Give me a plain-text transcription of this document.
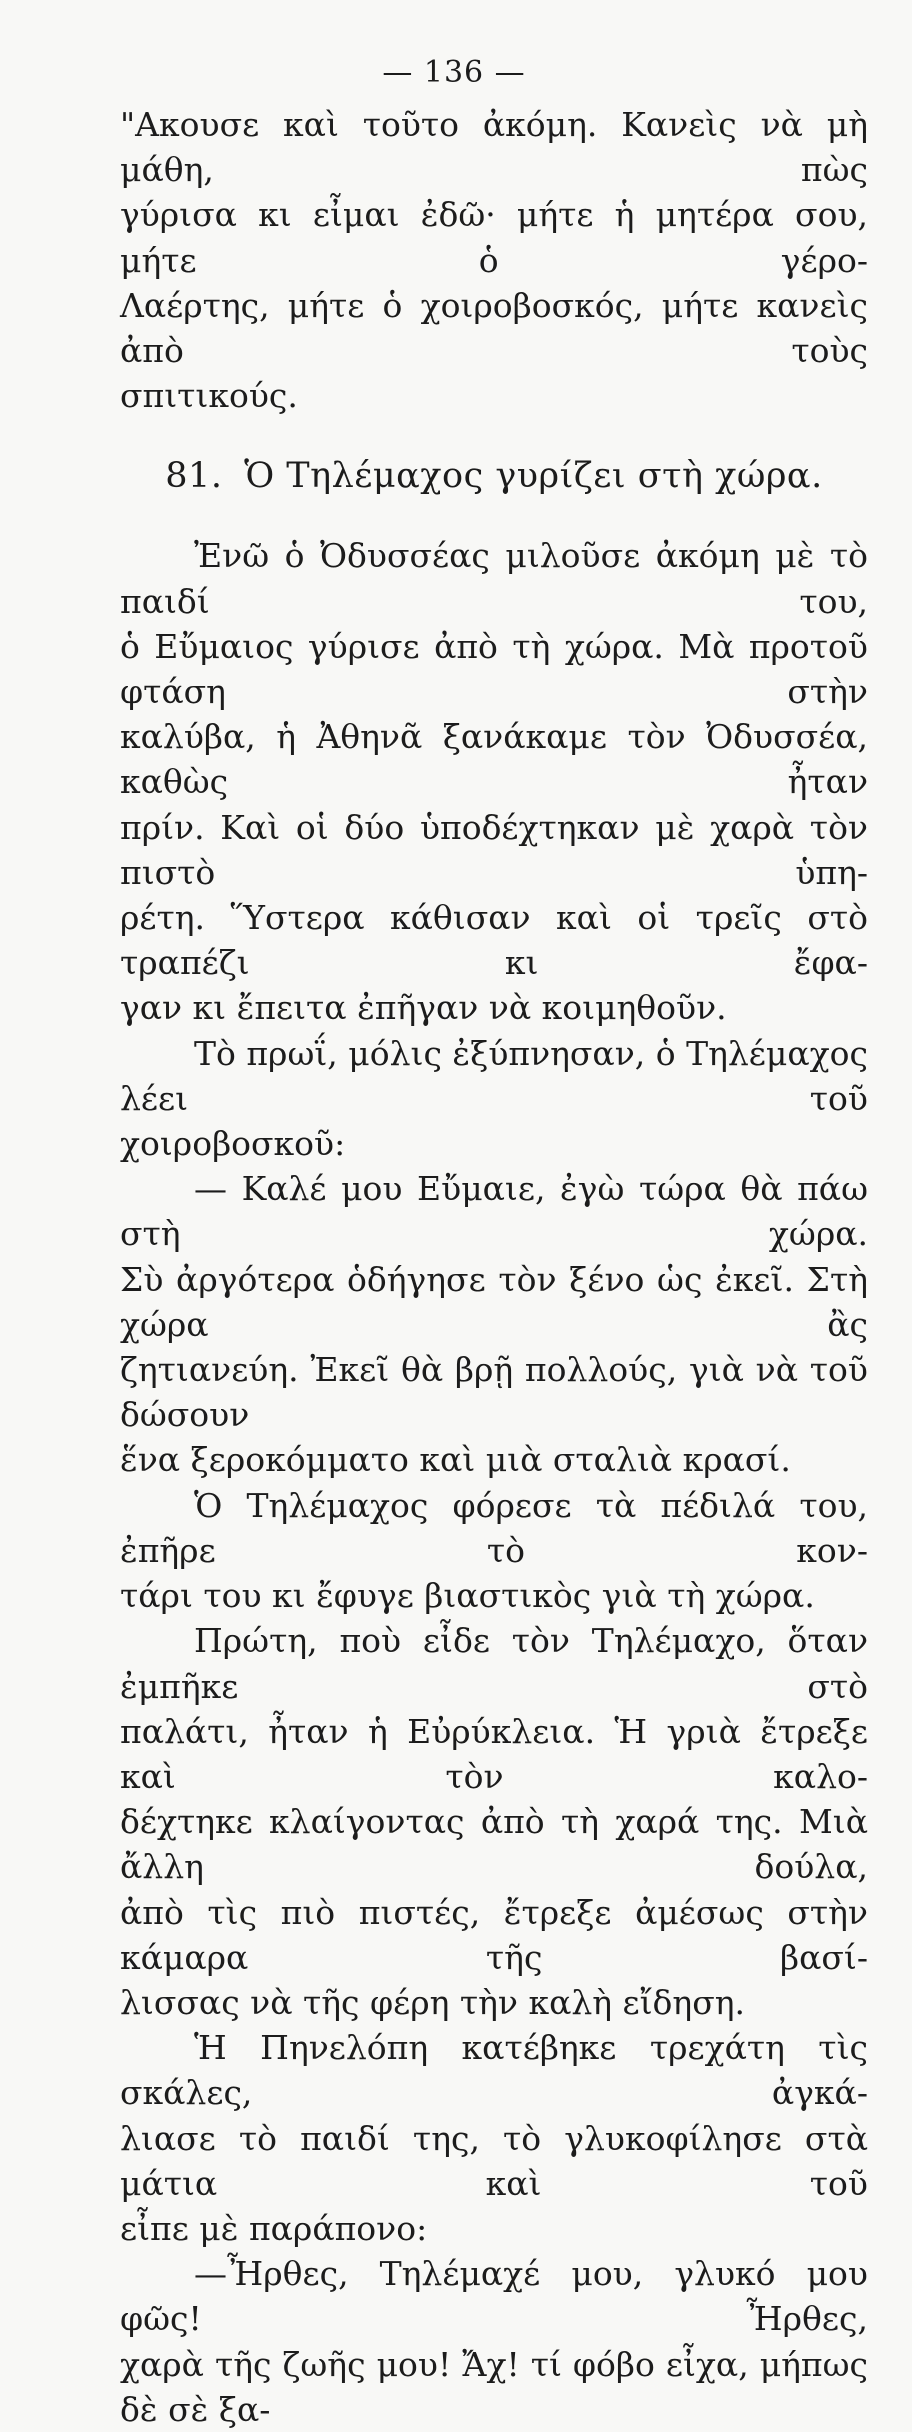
— 136 —

"Ακουσε καὶ τοῦτο ἀκόμη. Κανεὶς νὰ μὴ μάθη, πὼς
γύρισα κι εἶμαι ἐδῶ· μήτε ἡ μητέρα σου, μήτε ὁ γέρο-
Λαέρτης, μήτε ὁ χοιροβοσκός, μήτε κανεὶς ἀπὸ τοὺς
σπιτικούς.

81. Ὁ Τηλέμαχος γυρίζει στὴ χώρα.

Ἐνῶ ὁ Ὀδυσσέας μιλοῦσε ἀκόμη μὲ τὸ παιδί του,
ὁ Εὔμαιος γύρισε ἀπὸ τὴ χώρα. Μὰ προτοῦ φτάση στὴν
καλύβα, ἡ Ἀθηνᾶ ξανάκαμε τὸν Ὀδυσσέα, καθὼς ἦταν
πρίν. Καὶ οἱ δύο ὑποδέχτηκαν μὲ χαρὰ τὸν πιστὸ ὑπη-
ρέτη. Ὕστερα κάθισαν καὶ οἱ τρεῖς στὸ τραπέζι κι ἔφα-
γαν κι ἔπειτα ἐπῆγαν νὰ κοιμηθοῦν.

Τὸ πρωΐ, μόλις ἐξύπνησαν, ὁ Τηλέμαχος λέει τοῦ
χοιροβοσκοῦ:

— Καλέ μου Εὔμαιε, ἐγὼ τώρα θὰ πάω στὴ χώρα.
Σὺ ἀργότερα ὁδήγησε τὸν ξένο ὡς ἐκεῖ. Στὴ χώρα ἂς
ζητιανεύη. Ἐκεῖ θὰ βρῇ πολλούς, γιὰ νὰ τοῦ δώσουν
ἕνα ξεροκόμματο καὶ μιὰ σταλιὰ κρασί.

Ὁ Τηλέμαχος φόρεσε τὰ πέδιλά του, ἐπῆρε τὸ κον-
τάρι του κι ἔφυγε βιαστικὸς γιὰ τὴ χώρα.

Πρώτη, ποὺ εἶδε τὸν Τηλέμαχο, ὅταν ἐμπῆκε στὸ
παλάτι, ἦταν ἡ Εὐρύκλεια. Ἡ γριὰ ἔτρεξε καὶ τὸν καλο-
δέχτηκε κλαίγοντας ἀπὸ τὴ χαρά της. Μιὰ ἄλλη δούλα,
ἀπὸ τὶς πιὸ πιστές, ἔτρεξε ἀμέσως στὴν κάμαρα τῆς βασί-
λισσας νὰ τῆς φέρη τὴν καλὴ εἴδηση.

Ἡ Πηνελόπη κατέβηκε τρεχάτη τὶς σκάλες, ἀγκά-
λιασε τὸ παιδί της, τὸ γλυκοφίλησε στὰ μάτια καὶ τοῦ
εἶπε μὲ παράπονο:

—Ἦρθες, Τηλέμαχέ μου, γλυκό μου φῶς! Ἦρθες,
χαρὰ τῆς ζωῆς μου! Ἄχ! τί φόβο εἶχα, μήπως δὲ σὲ ξα-
